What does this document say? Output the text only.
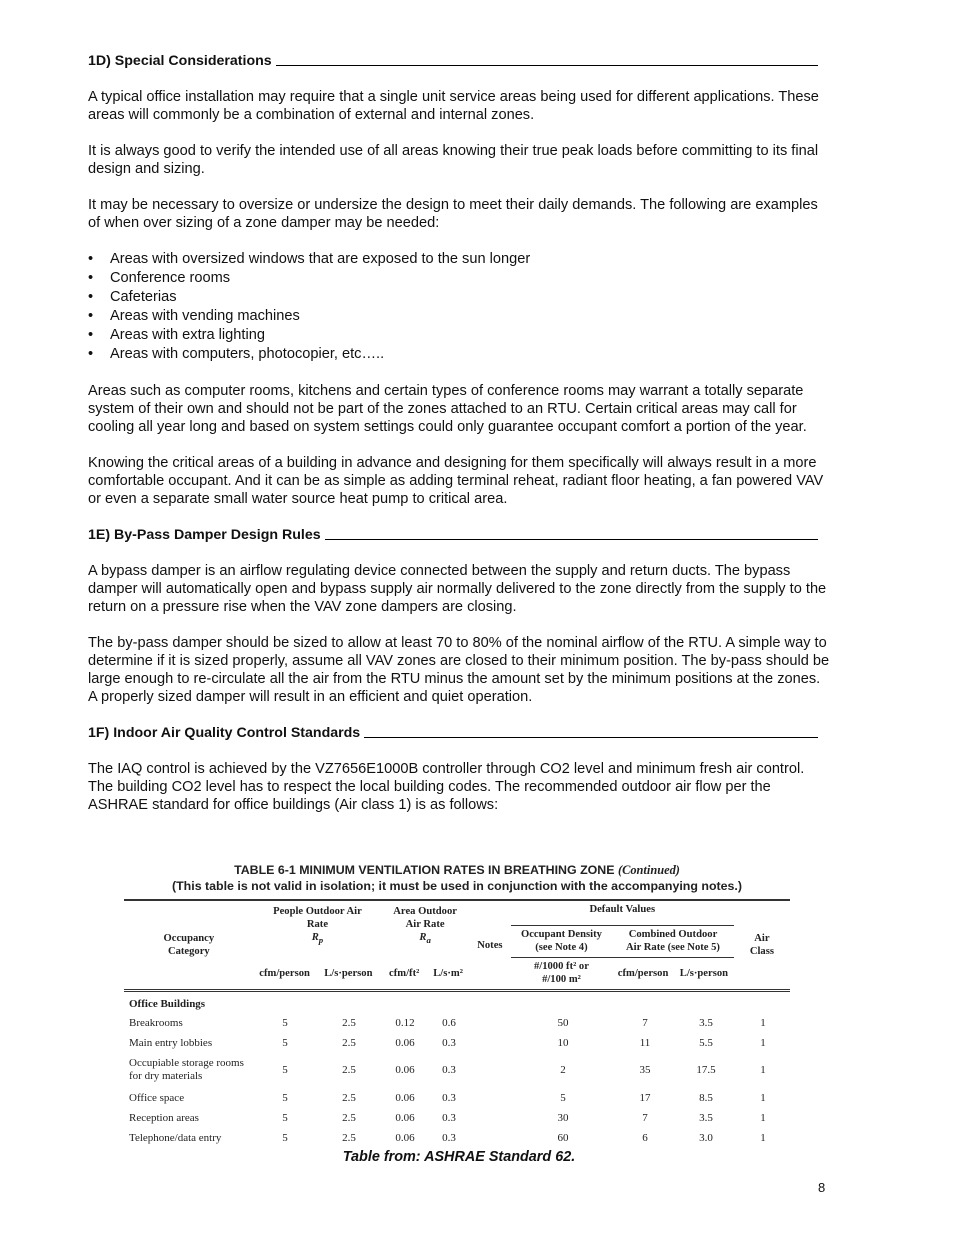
1D) Special Considerations

A typical office installation may require that a single unit service areas being used for different applications. These areas will commonly be a combination of external and internal zones.

It is always good to verify the intended use of all areas knowing their true peak loads before committing to its final design and sizing.

It may be necessary to oversize or undersize the design to meet their daily demands. The following are examples of when over sizing of a zone damper may be needed:

• Areas with oversized windows that are exposed to the sun longer
• Conference rooms
• Cafeterias
• Areas with vending machines
• Areas with extra lighting
• Areas with computers, photocopier, etc…..

Areas such as computer rooms, kitchens and certain types of conference rooms may warrant a totally separate system of their own and should not be part of the zones attached to an RTU. Certain critical areas may call for cooling all year long and based on system settings could only guarantee occupant comfort a portion of the year.

Knowing the critical areas of a building in advance and designing for them specifically will always result in a more comfortable occupant. And it can be as simple as adding terminal reheat, radiant floor heating, a fan powered VAV or even a separate small water source heat pump to critical area.

1E) By-Pass Damper Design Rules

A bypass damper is an airflow regulating device connected between the supply and return ducts. The bypass damper will automatically open and bypass supply air normally delivered to the zone directly from the supply to the return on a pressure rise when the VAV zone dampers are closing.

The by-pass damper should be sized to allow at least 70 to 80% of the nominal airflow of the RTU. A simple way to determine if it is sized properly, assume all VAV zones are closed to their minimum position. The by-pass should be large enough to re-circulate all the air from the RTU minus the amount set by the minimum positions at the zones. A properly sized damper will result in an efficient and quiet operation.

1F) Indoor Air Quality Control Standards

The IAQ control is achieved by the VZ7656E1000B controller through CO2 level and minimum fresh air control. The building CO2 level has to respect the local building codes. The recommended outdoor air flow per the ASHRAE standard for office buildings (Air class 1) is as follows:

TABLE 6-1 MINIMUM VENTILATION RATES IN BREATHING ZONE (Continued)
(This table is not valid in isolation; it must be used in conjunction with the accompanying notes.)
Occupancy Category	People Outdoor Air Rate
$R_p$		Area Outdoor Air Rate
$R_a$		Notes	Default Values			Air Class
						Occupant Density (see Note 4)	Combined Outdoor Air Rate (see Note 5)		
	cfm/person	L/s·person	cfm/ft²	L/s·m²		#/1000 ft² or #/100 m²	cfm/person	L/s·person	
Office Buildings									
Breakrooms	5	2.5	0.12	0.6		50	7	3.5	1
Main entry lobbies	5	2.5	0.06	0.3		10	11	5.5	1
Occupiable storage rooms for dry materials	5	2.5	0.06	0.3		2	35	17.5	1
Office space	5	2.5	0.06	0.3		5	17	8.5	1
Reception areas	5	2.5	0.06	0.3		30	7	3.5	1
Telephone/data entry	5	2.5	0.06	0.3		60	6	3.0	1
Table from: ASHRAE Standard 62.
8
